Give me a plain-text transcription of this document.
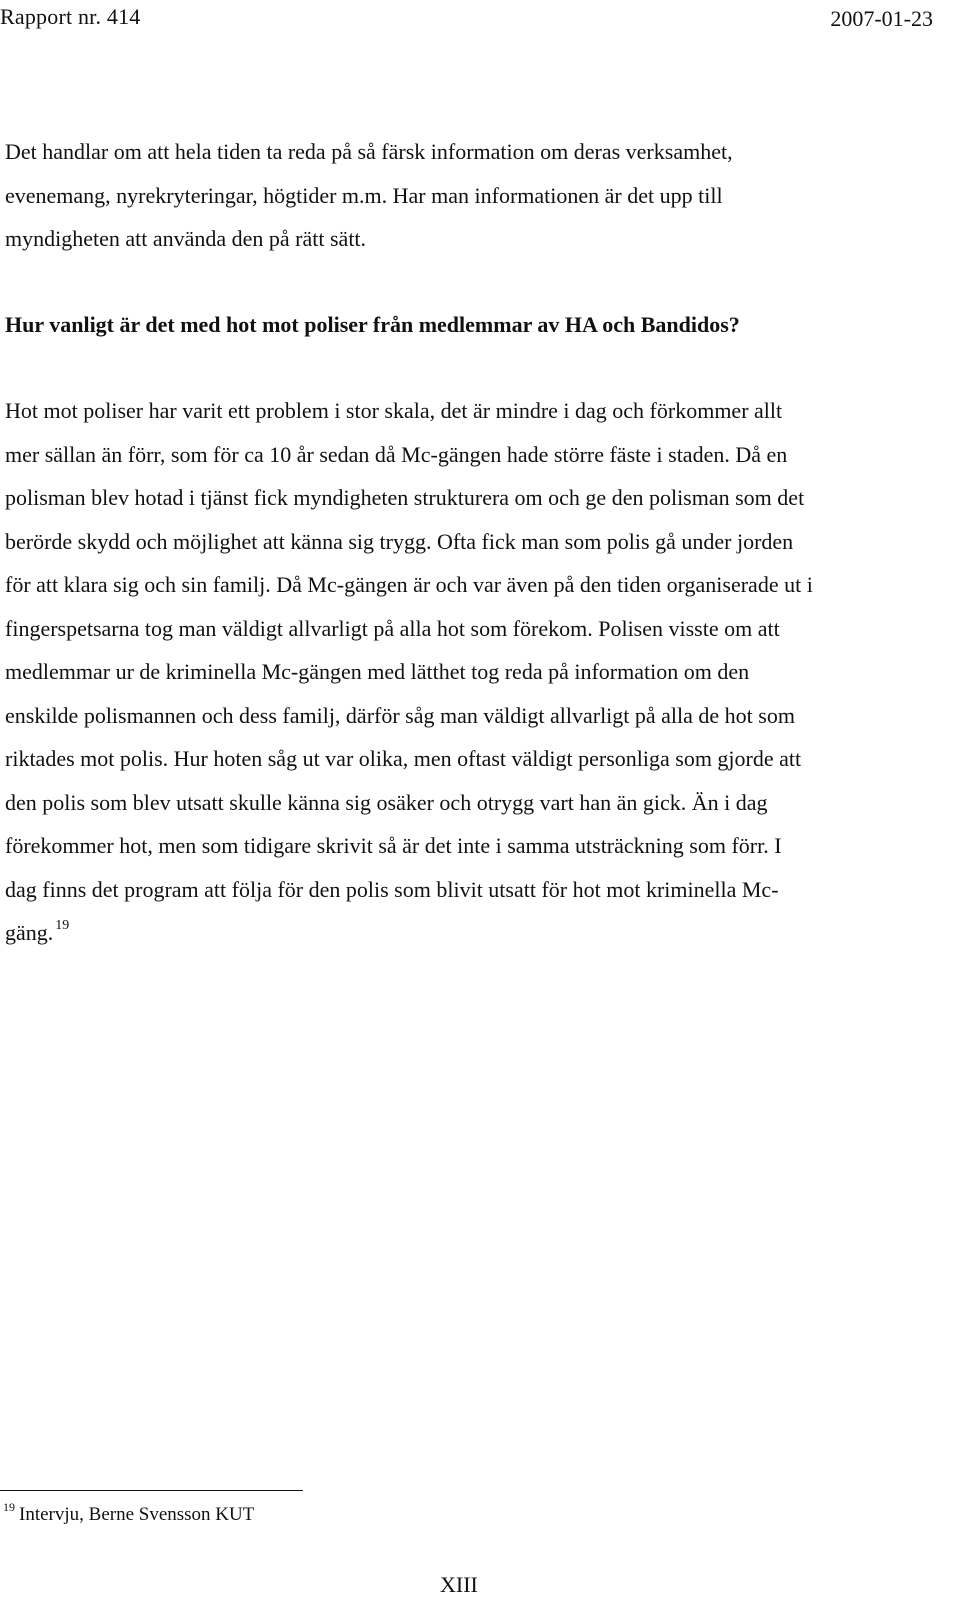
Rapport nr. 414	2007-01-23

Det handlar om att hela tiden ta reda på så färsk information om deras verksamhet,
evenemang, nyrekryteringar, högtider m.m. Har man informationen är det upp till
myndigheten att använda den på rätt sätt.

Hur vanligt är det med hot mot poliser från medlemmar av HA och Bandidos?

Hot mot poliser har varit ett problem i stor skala, det är mindre i dag och förkommer allt
mer sällan än förr, som för ca 10 år sedan då Mc-gängen hade större fäste i staden. Då en
polisman blev hotad i tjänst fick myndigheten strukturera om och ge den polisman som det
berörde skydd och möjlighet att känna sig trygg. Ofta fick man som polis gå under jorden
för att klara sig och sin familj. Då Mc-gängen är och var även på den tiden organiserade ut i
fingerspetsarna tog man väldigt allvarligt på alla hot som förekom. Polisen visste om att
medlemmar ur de kriminella Mc-gängen med lätthet tog reda på information om den
enskilde polismannen och dess familj, därför såg man väldigt allvarligt på alla de hot som
riktades mot polis. Hur hoten såg ut var olika, men oftast väldigt personliga som gjorde att
den polis som blev utsatt skulle känna sig osäker och otrygg vart han än gick. Än i dag
förekommer hot, men som tidigare skrivit så är det inte i samma utsträckning som förr. I
dag finns det program att följa för den polis som blivit utsatt för hot mot kriminella Mc-
gäng. $^{19}$

$^{19}$ Intervju, Berne Svensson KUT
XIII
